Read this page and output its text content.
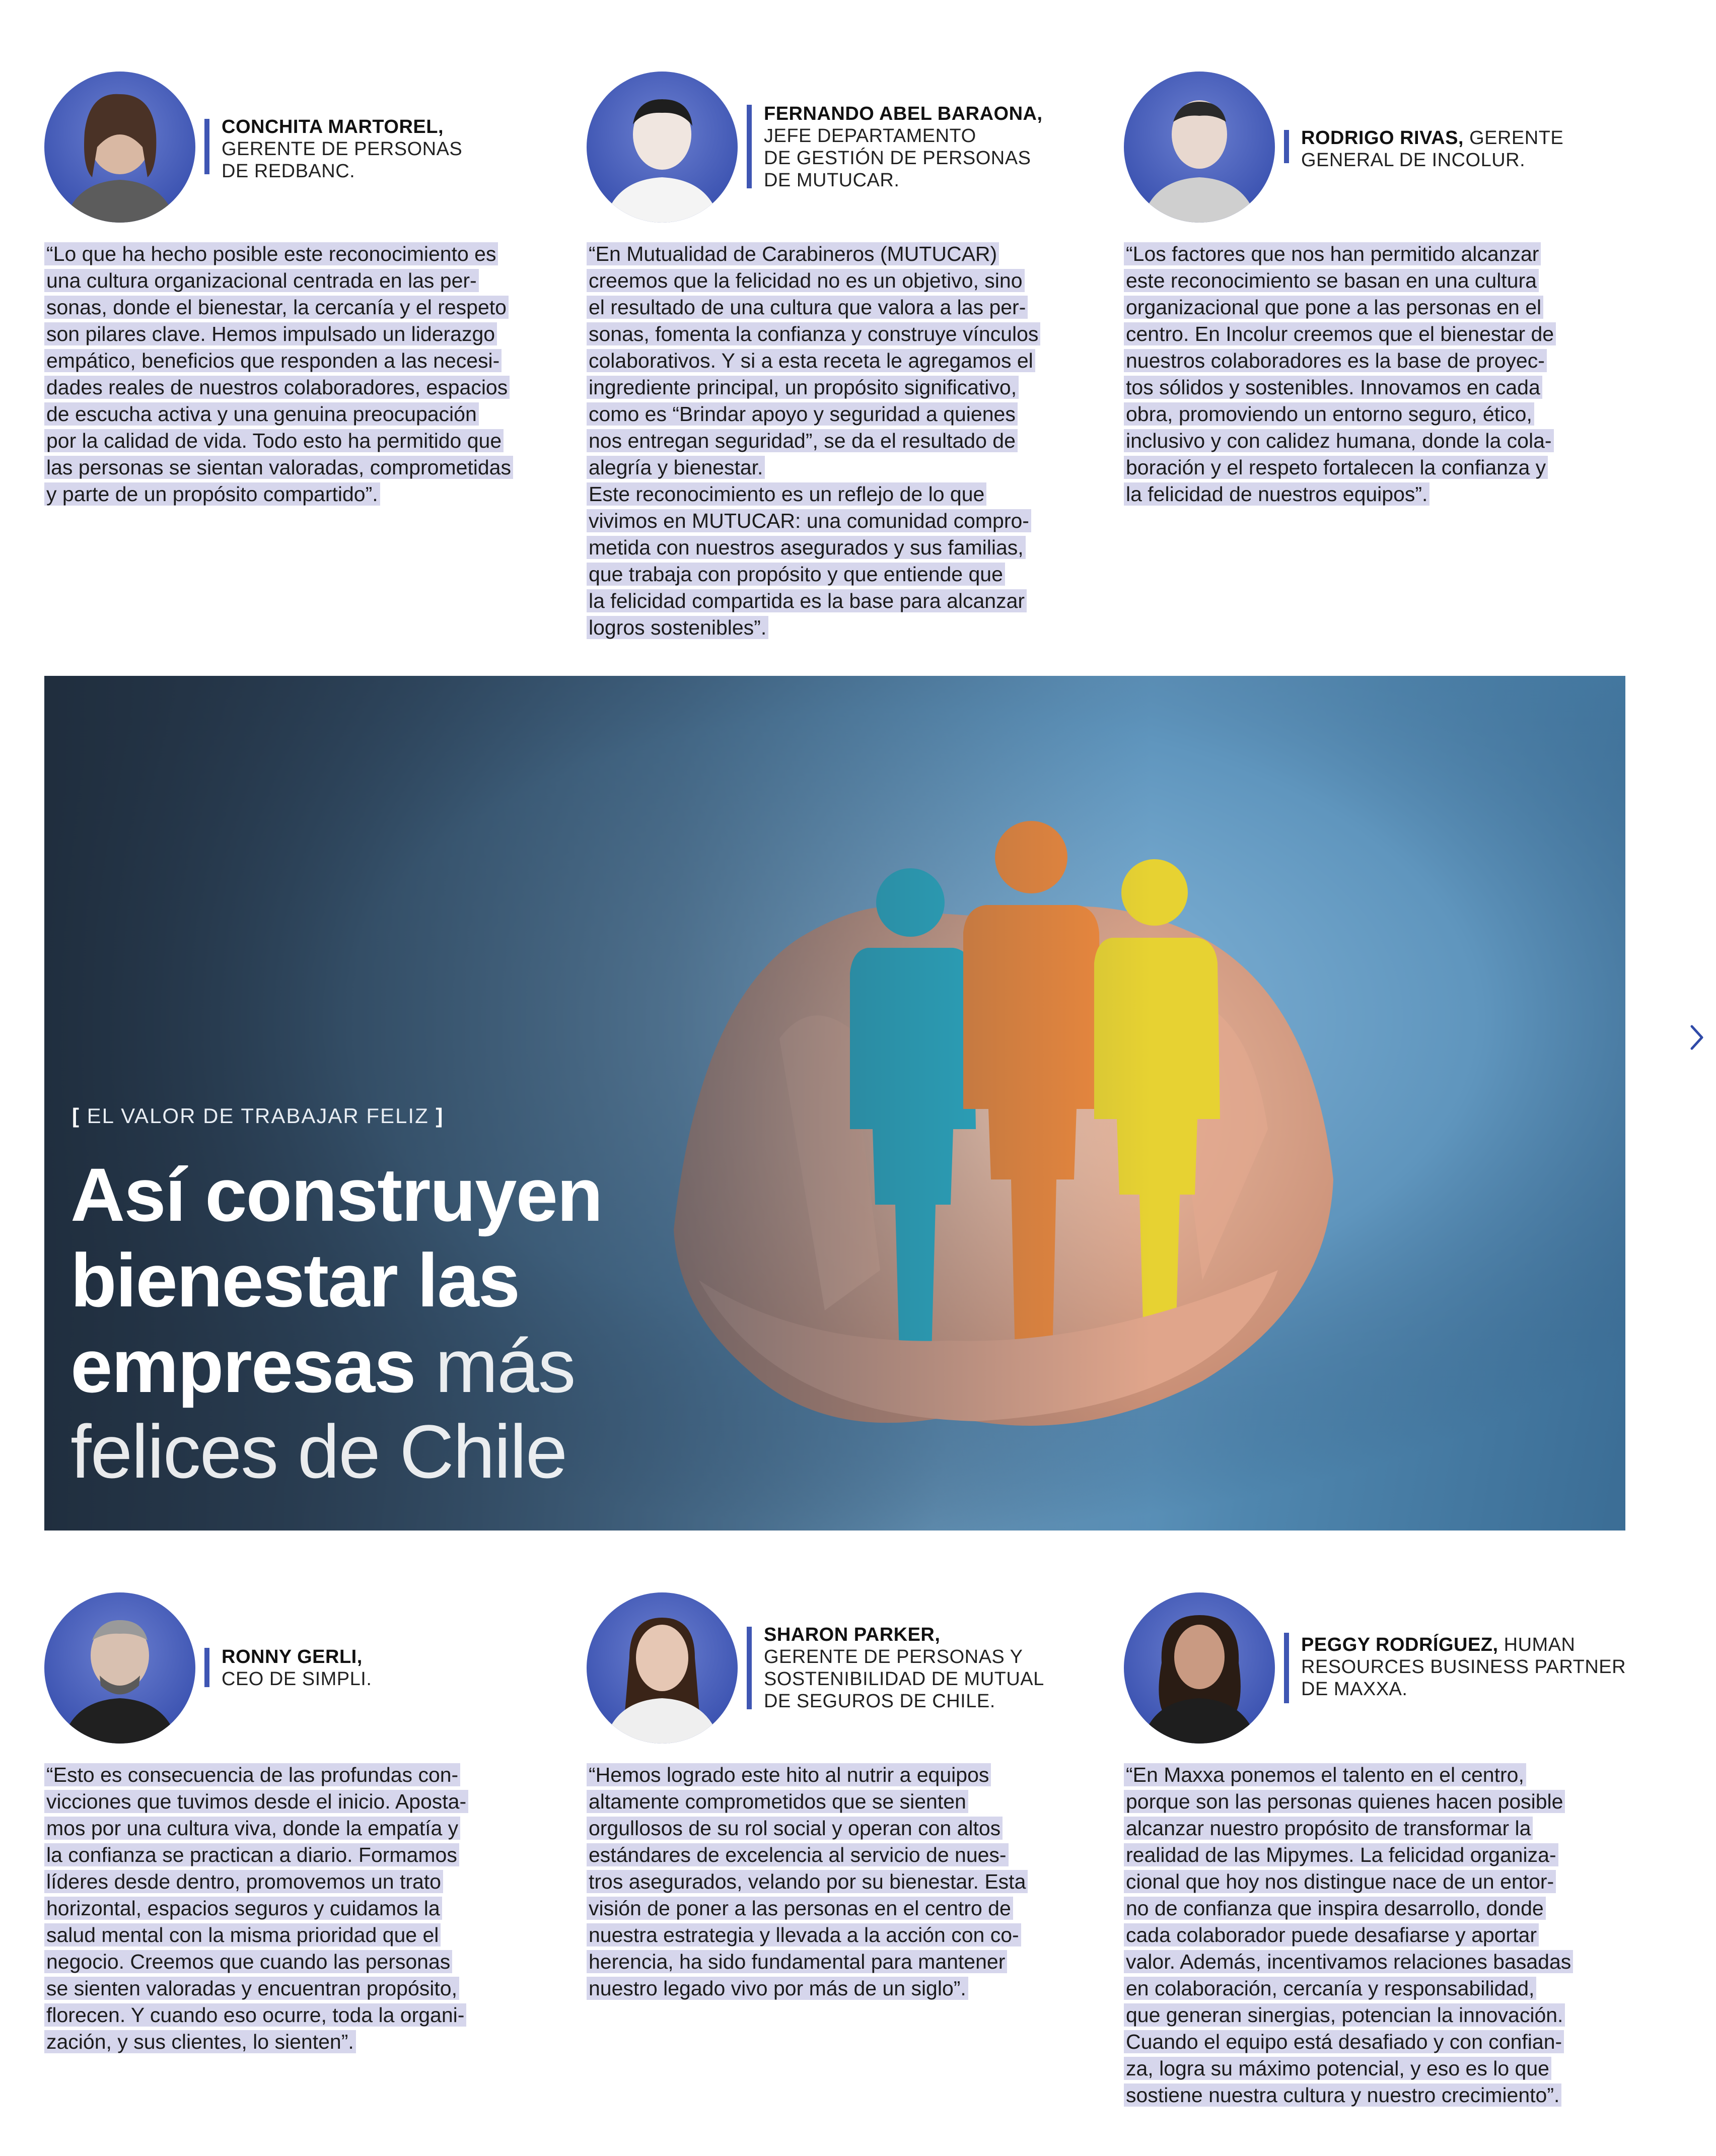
CONCHITA MARTOREL,
GERENTE DE PERSONAS
DE REDBANC.

“Lo que ha hecho posible este reconocimiento es

una cultura organizacional centrada en las per-

sonas, donde el bienestar, la cercanía y el respeto

son pilares clave. Hemos impulsado un liderazgo

empático, beneficios que responden a las necesi-

dades reales de nuestros colaboradores, espacios

de escucha activa y una genuina preocupación

por la calidad de vida. Todo esto ha permitido que

las personas se sientan valoradas, comprometidas

y parte de un propósito compartido”.

FERNANDO ABEL BARAONA,
JEFE DEPARTAMENTO
DE GESTIÓN DE PERSONAS
DE MUTUCAR.

“En Mutualidad de Carabineros (MUTUCAR)

creemos que la felicidad no es un objetivo, sino

el resultado de una cultura que valora a las per-

sonas, fomenta la confianza y construye vínculos

colaborativos. Y si a esta receta le agregamos el

ingrediente principal, un propósito significativo,

como es “Brindar apoyo y seguridad a quienes

nos entregan seguridad”, se da el resultado de

alegría y bienestar.

Este reconocimiento es un reflejo de lo que

vivimos en MUTUCAR: una comunidad compro-

metida con nuestros asegurados y sus familias,

que trabaja con propósito y que entiende que

la felicidad compartida es la base para alcanzar

logros sostenibles”.

RODRIGO RIVAS, GERENTE
GENERAL DE INCOLUR.

“Los factores que nos han permitido alcanzar

este reconocimiento se basan en una cultura

organizacional que pone a las personas en el

centro. En Incolur creemos que el bienestar de

nuestros colaboradores es la base de proyec-

tos sólidos y sostenibles. Innovamos en cada

obra, promoviendo un entorno seguro, ético,

inclusivo y con calidez humana, donde la cola-

boración y el respeto fortalecen la confianza y

la felicidad de nuestros equipos”.

[ EL VALOR DE TRABAJAR FELIZ ]
Así construyen
bienestar las
empresas más
felices de Chile
RONNY GERLI,
CEO DE SIMPLI.

“Esto es consecuencia de las profundas con-

vicciones que tuvimos desde el inicio. Aposta-

mos por una cultura viva, donde la empatía y

la confianza se practican a diario. Formamos

líderes desde dentro, promovemos un trato

horizontal, espacios seguros y cuidamos la

salud mental con la misma prioridad que el

negocio. Creemos que cuando las personas

se sienten valoradas y encuentran propósito,

florecen. Y cuando eso ocurre, toda la organi-

zación, y sus clientes, lo sienten”.

SHARON PARKER,
GERENTE DE PERSONAS Y
SOSTENIBILIDAD DE MUTUAL
DE SEGUROS DE CHILE.

“Hemos logrado este hito al nutrir a equipos

altamente comprometidos que se sienten

orgullosos de su rol social y operan con altos

estándares de excelencia al servicio de nues-

tros asegurados, velando por su bienestar. Esta

visión de poner a las personas en el centro de

nuestra estrategia y llevada a la acción con co-

herencia, ha sido fundamental para mantener

nuestro legado vivo por más de un siglo”.

PEGGY RODRÍGUEZ, HUMAN
RESOURCES BUSINESS PARTNER
DE MAXXA.

“En Maxxa ponemos el talento en el centro,

porque son las personas quienes hacen posible

alcanzar nuestro propósito de transformar la

realidad de las Mipymes. La felicidad organiza-

cional que hoy nos distingue nace de un entor-

no de confianza que inspira desarrollo, donde

cada colaborador puede desafiarse y aportar

valor. Además, incentivamos relaciones basadas

en colaboración, cercanía y responsabilidad,

que generan sinergias, potencian la innovación.

Cuando el equipo está desafiado y con confian-

za, logra su máximo potencial, y eso es lo que

sostiene nuestra cultura y nuestro crecimiento”.
